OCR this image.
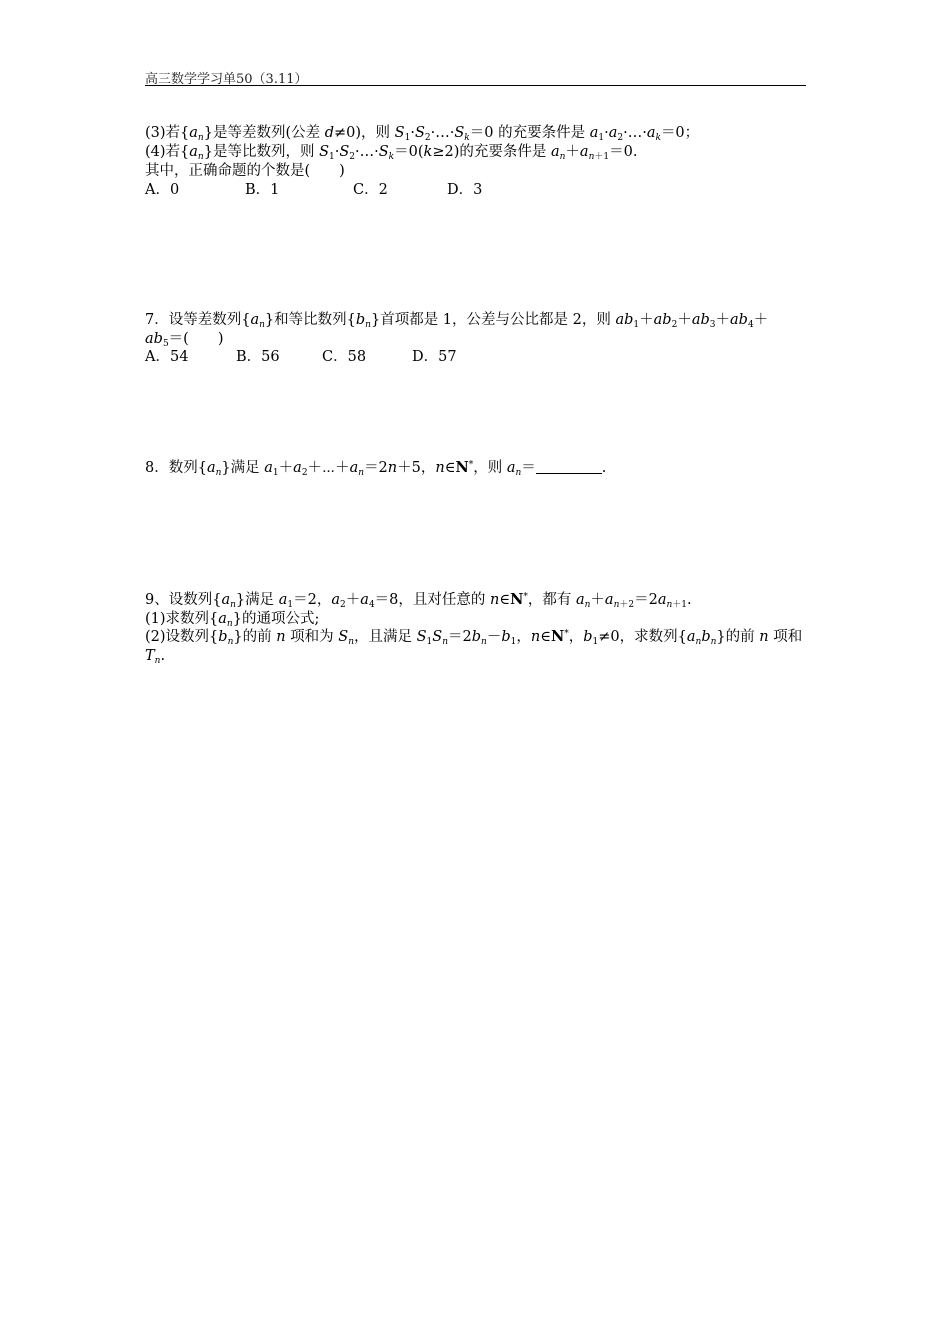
高三数学学习单50（3.11）
(3)若$\{a_n\}$是等差数列(公差 d≠0)，则 $S_1\cdot S_2\cdot\dots\cdot S_k=0$ 的充要条件是 $a_1\cdot a_2\cdot\dots\cdot a_k=0$；
(4)若$\{a_n\}$是等比数列，则 $S_1\cdot S_2\cdot\dots\cdot S_k=0(k\ge 2)$的充要条件是 $a_n+a_{n+1}=0$.
其中，正确命题的个数是(　　)
A．0	B．1	C．2	D．3
7．设等差数列$\{a_n\}$和等比数列$\{b_n\}$首项都是 1，公差与公比都是 2，则 $ab_1+ab_2+ab_3+ab_4+$
$ab_5=$(　　)
A．54	B．56	C．58	D．57
8．数列$\{a_n\}$满足 $a_1+a_2+\cdots+a_n=2n+5$，n∈N*，则 $a_n=$	.
9、设数列$\{a_n\}$满足 $a_1=2$，$a_2+a_4=8$，且对任意的 n∈N*，都有 $a_n+a_{n+2}=2a_{n+1}$.
(1)求数列$\{a_n\}$的通项公式;
(2)设数列$\{b_n\}$的前 n 项和为 $S_n$，且满足 $S_1S_n=2b_n-b_1$，n∈N*，$b_1\ne 0$，求数列$\{a_nb_n\}$的前 n 项和
$T_n$.
